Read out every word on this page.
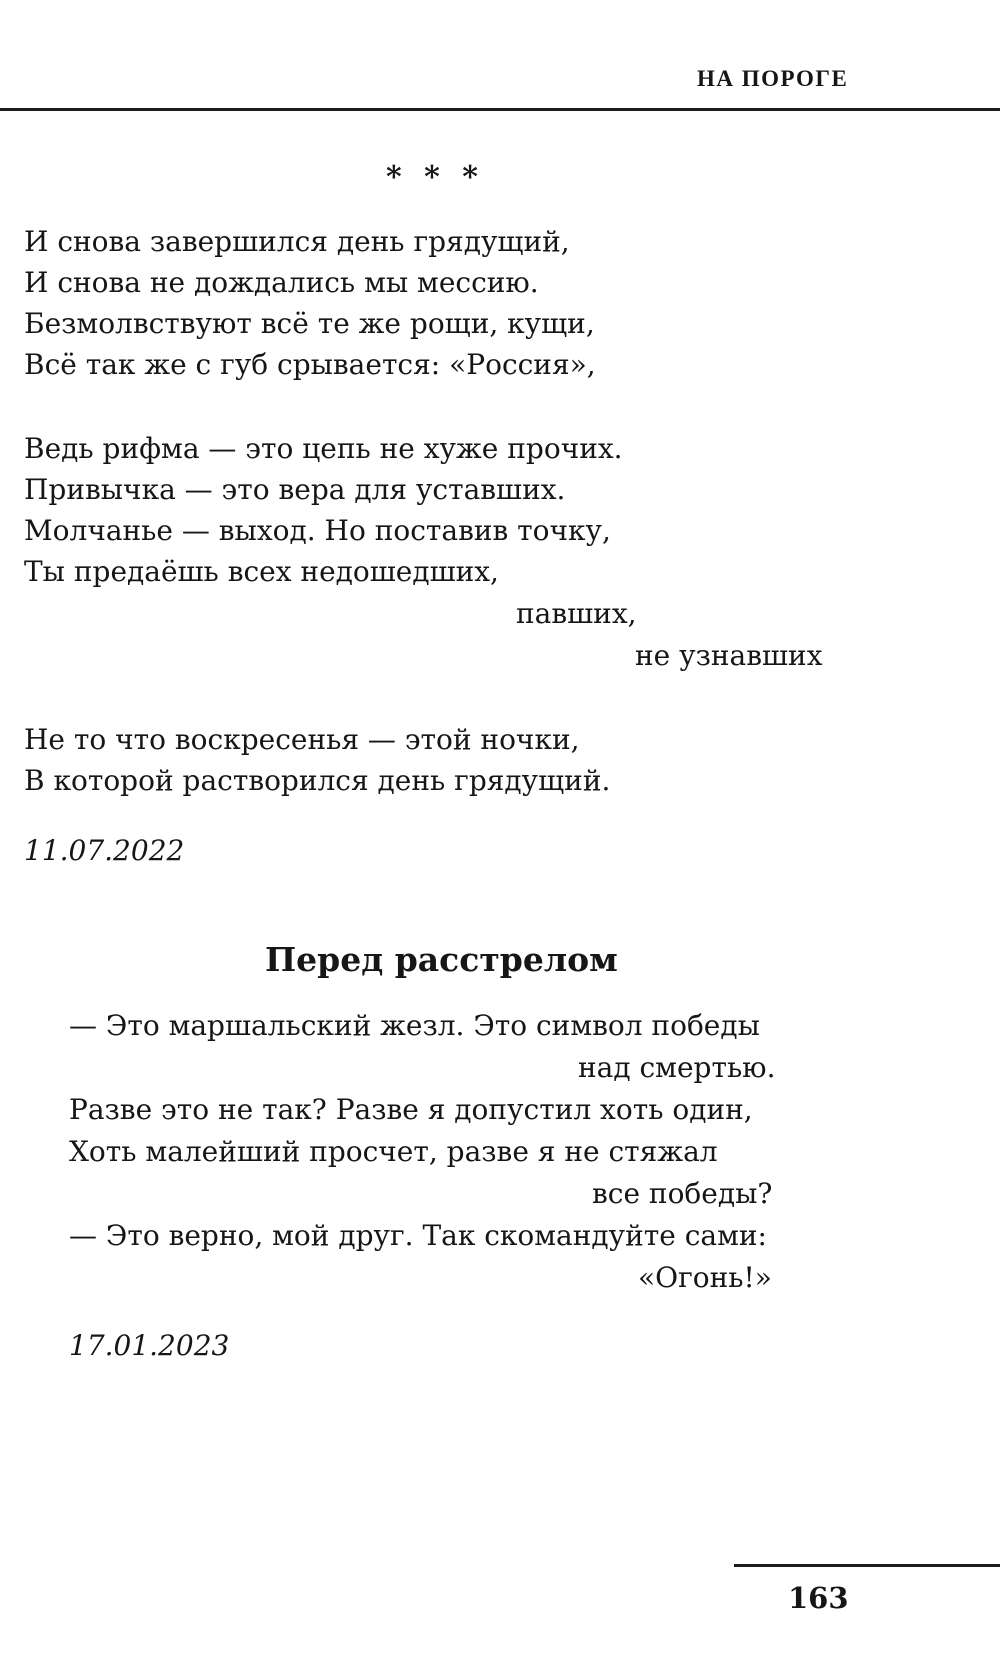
НА ПОРОГЕ
* * *
И снова завершился день грядущий,
И снова не дождались мы мессию.
Безмолвствуют всё те же рощи, кущи,
Всё так же с губ срывается: «Россия»,
Ведь рифма — это цепь не хуже прочих.
Привычка — это вера для уставших.
Молчанье — выход. Но поставив точку,
Ты предаёшь всех недошедших,
павших,
не узнавших
Не то что воскресенья — этой ночки,
В которой растворился день грядущий.
11.07.2022
Перед расстрелом
— Это маршальский жезл. Это символ победы
над смертью.
Разве это не так? Разве я допустил хоть один,
Хоть малейший просчет, разве я не стяжал
все победы?
— Это верно, мой друг. Так скомандуйте сами:
«Огонь!»
17.01.2023
163
